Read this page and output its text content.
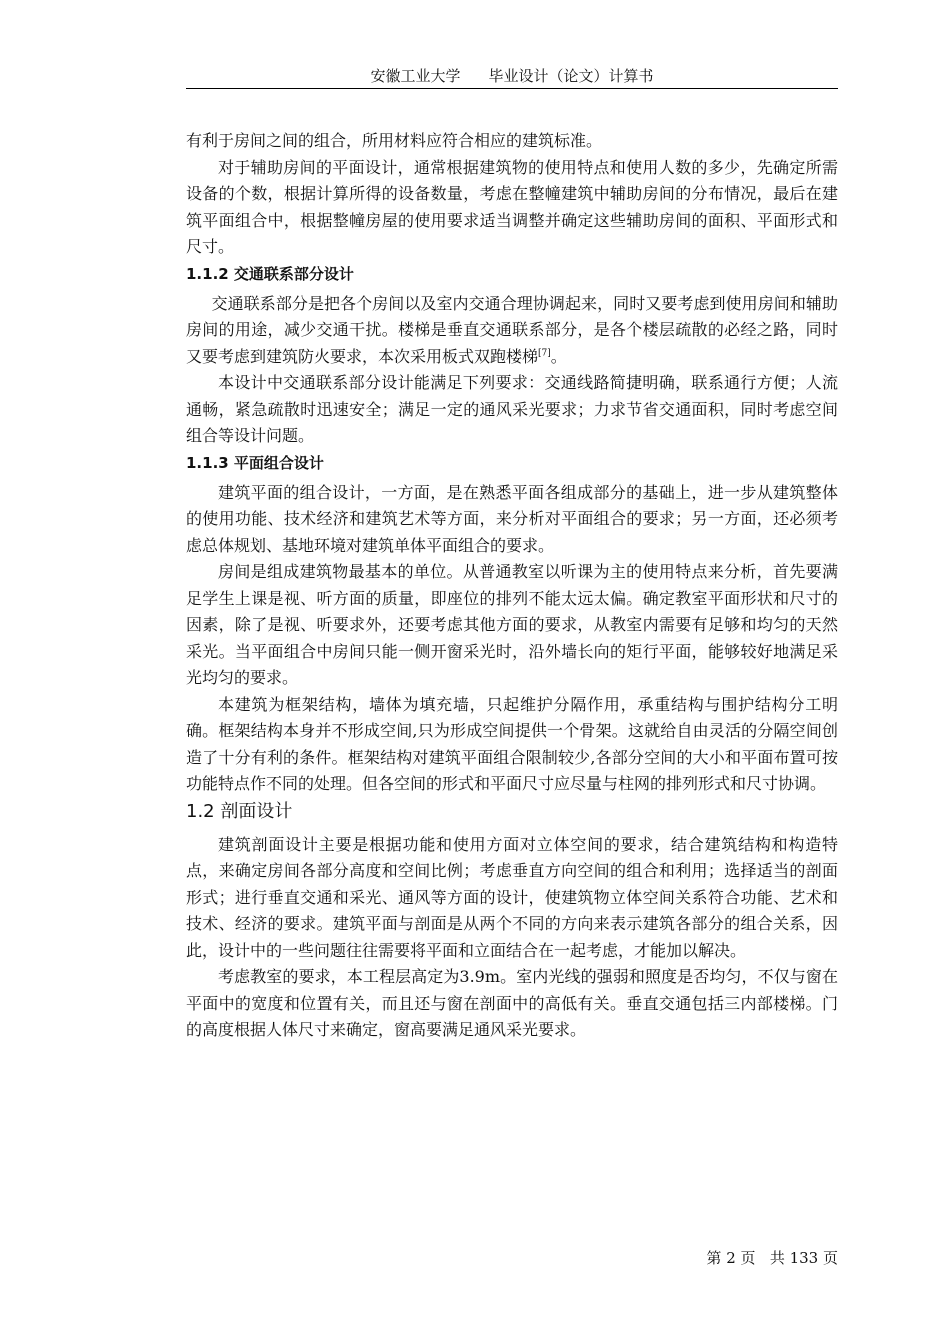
安徽工业大学 毕业设计（论文）计算书

有利于房间之间的组合，所用材料应符合相应的建筑标准。

对于辅助房间的平面设计，通常根据建筑物的使用特点和使用人数的多少，先确定所需设备的个数，根据计算所得的设备数量，考虑在整幢建筑中辅助房间的分布情况，最后在建筑平面组合中，根据整幢房屋的使用要求适当调整并确定这些辅助房间的面积、平面形式和尺寸。

1.1.2 交通联系部分设计

交通联系部分是把各个房间以及室内交通合理协调起来，同时又要考虑到使用房间和辅助房间的用途，减少交通干扰。楼梯是垂直交通联系部分，是各个楼层疏散的必经之路，同时又要考虑到建筑防火要求，本次采用板式双跑楼梯[7]。

本设计中交通联系部分设计能满足下列要求：交通线路简捷明确，联系通行方便；人流通畅，紧急疏散时迅速安全；满足一定的通风采光要求；力求节省交通面积，同时考虑空间组合等设计问题。

1.1.3 平面组合设计

建筑平面的组合设计，一方面，是在熟悉平面各组成部分的基础上，进一步从建筑整体的使用功能、技术经济和建筑艺术等方面，来分析对平面组合的要求；另一方面，还必须考虑总体规划、基地环境对建筑单体平面组合的要求。

房间是组成建筑物最基本的单位。从普通教室以听课为主的使用特点来分析，首先要满足学生上课是视、听方面的质量，即座位的排列不能太远太偏。确定教室平面形状和尺寸的因素，除了是视、听要求外，还要考虑其他方面的要求，从教室内需要有足够和均匀的天然采光。当平面组合中房间只能一侧开窗采光时，沿外墙长向的矩行平面，能够较好地满足采光均匀的要求。

本建筑为框架结构，墙体为填充墙，只起维护分隔作用，承重结构与围护结构分工明确。框架结构本身并不形成空间,只为形成空间提供一个骨架。这就给自由灵活的分隔空间创造了十分有利的条件。框架结构对建筑平面组合限制较少,各部分空间的大小和平面布置可按功能特点作不同的处理。但各空间的形式和平面尺寸应尽量与柱网的排列形式和尺寸协调。

1.2 剖面设计

建筑剖面设计主要是根据功能和使用方面对立体空间的要求，结合建筑结构和构造特点，来确定房间各部分高度和空间比例；考虑垂直方向空间的组合和利用；选择适当的剖面形式；进行垂直交通和采光、通风等方面的设计，使建筑物立体空间关系符合功能、艺术和技术、经济的要求。建筑平面与剖面是从两个不同的方向来表示建筑各部分的组合关系，因此，设计中的一些问题往往需要将平面和立面结合在一起考虑，才能加以解决。

考虑教室的要求，本工程层高定为3.9m。室内光线的强弱和照度是否均匀，不仅与窗在平面中的宽度和位置有关，而且还与窗在剖面中的高低有关。垂直交通包括三内部楼梯。门的高度根据人体尺寸来确定，窗高要满足通风采光要求。

第 2 页 共 133 页
